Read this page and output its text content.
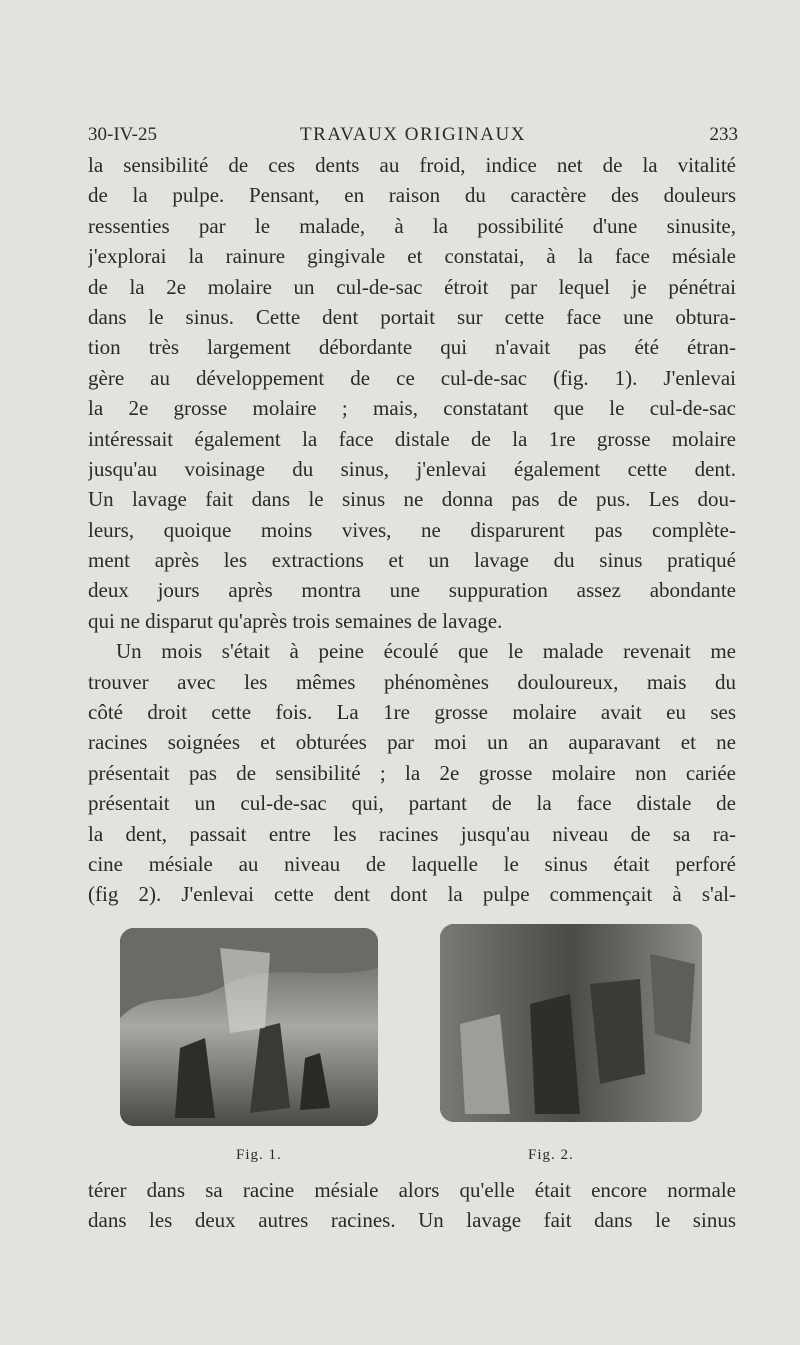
30-IV-25	TRAVAUX ORIGINAUX	233
la sensibilité de ces dents au froid, indice net de la vitalité
de la pulpe. Pensant, en raison du caractère des douleurs
ressenties par le malade, à la possibilité d'une sinusite,
j'explorai la rainure gingivale et constatai, à la face mésiale
de la 2e molaire un cul-de-sac étroit par lequel je pénétrai
dans le sinus. Cette dent portait sur cette face une obtura-
tion très largement débordante qui n'avait pas été étran-
gère au développement de ce cul-de-sac (fig. 1). J'enlevai
la 2e grosse molaire ; mais, constatant que le cul-de-sac
intéressait également la face distale de la 1re grosse molaire
jusqu'au voisinage du sinus, j'enlevai également cette dent.
Un lavage fait dans le sinus ne donna pas de pus. Les dou-
leurs, quoique moins vives, ne disparurent pas complète-
ment après les extractions et un lavage du sinus pratiqué
deux jours après montra une suppuration assez abondante
qui ne disparut qu'après trois semaines de lavage.
Un mois s'était à peine écoulé que le malade revenait me
trouver avec les mêmes phénomènes douloureux, mais du
côté droit cette fois. La 1re grosse molaire avait eu ses
racines soignées et obturées par moi un an auparavant et ne
présentait pas de sensibilité ; la 2e grosse molaire non cariée
présentait un cul-de-sac qui, partant de la face distale de
la dent, passait entre les racines jusqu'au niveau de sa ra-
cine mésiale au niveau de laquelle le sinus était perforé
(fig 2). J'enlevai cette dent dont la pulpe commençait à s'al-
Fig. 1.	Fig. 2.
térer dans sa racine mésiale alors qu'elle était encore normale
dans les deux autres racines. Un lavage fait dans le sinus
